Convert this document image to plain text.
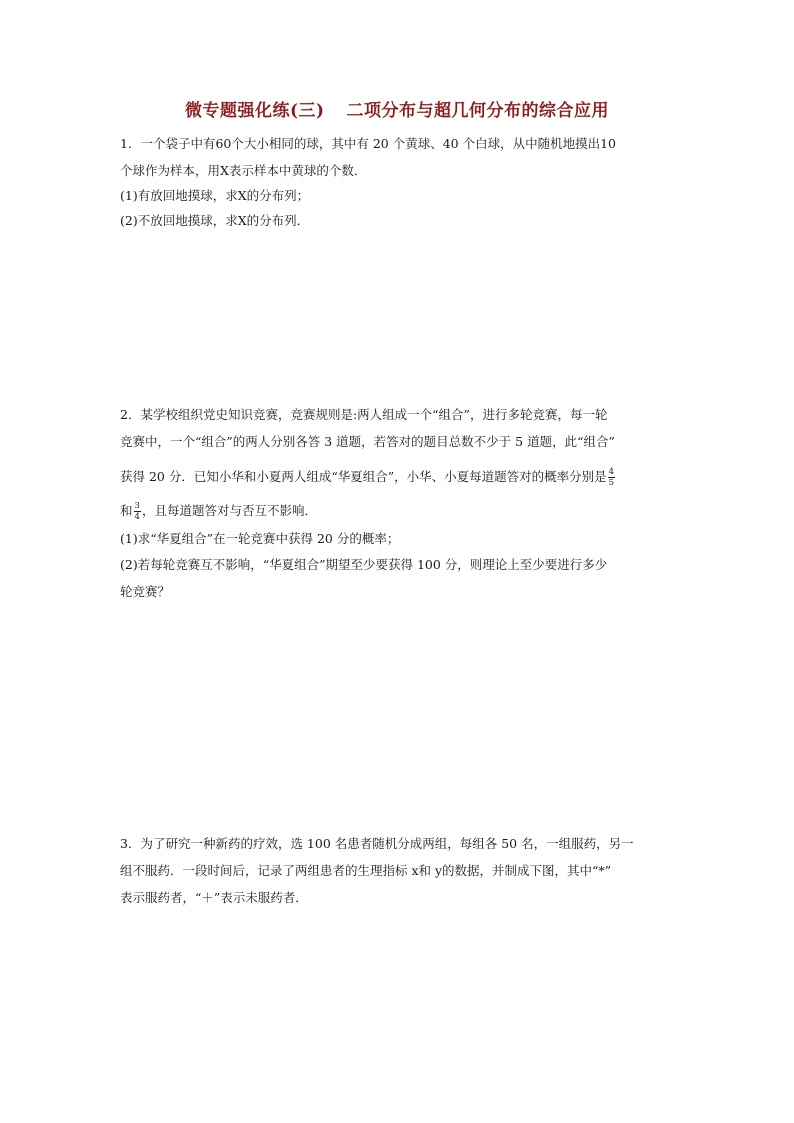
微专题强化练(三) 二项分布与超几何分布的综合应用
1．一个袋子中有60个大小相同的球，其中有 20 个黄球、40 个白球，从中随机地摸出10
个球作为样本，用X表示样本中黄球的个数．
(1)有放回地摸球，求X的分布列；
(2)不放回地摸球，求X的分布列．
2．某学校组织党史知识竞赛，竞赛规则是:两人组成一个“组合”，进行多轮竞赛，每一轮
竞赛中，一个“组合”的两人分别各答 3 道题，若答对的题目总数不少于 5 道题，此“组合”
获得 20 分．已知小华和小夏两人组成“华夏组合”，小华、小夏每道题答对的概率分别是 $\frac{4}{5}$
和 $\frac{3}{4}$ ，且每道题答对与否互不影响．
(1)求“华夏组合”在一轮竞赛中获得 20 分的概率；
(2)若每轮竞赛互不影响，“华夏组合”期望至少要获得 100 分，则理论上至少要进行多少
轮竞赛？
3．为了研究一种新药的疗效，选 100 名患者随机分成两组，每组各 50 名，一组服药，另一
组不服药．一段时间后，记录了两组患者的生理指标 x和 y的数据，并制成下图，其中“*”
表示服药者，“＋”表示未服药者．
